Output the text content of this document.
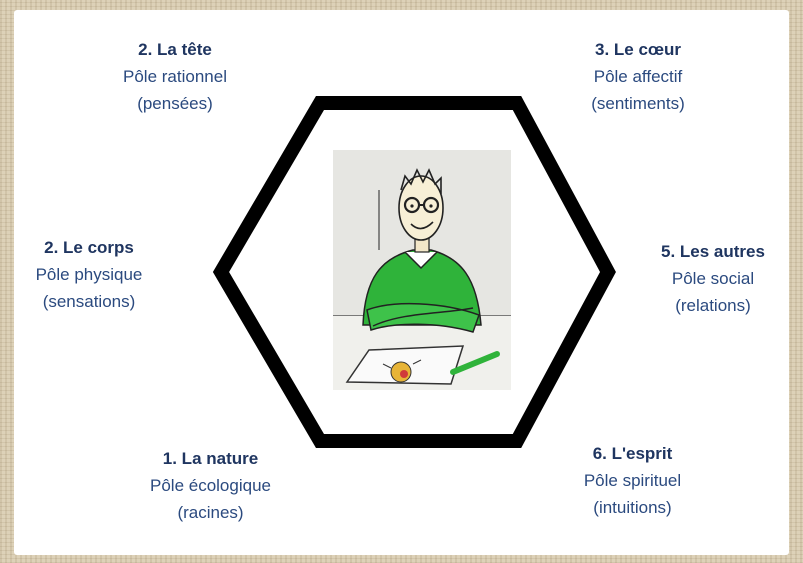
2. La tête
Pôle rationnel
(pensées)
3. Le cœur
Pôle affectif
(sentiments)
2. Le corps
Pôle physique
(sensations)
5. Les autres
Pôle social
(relations)
1. La nature
Pôle écologique
(racines)
6. L'esprit
Pôle spirituel
(intuitions)
